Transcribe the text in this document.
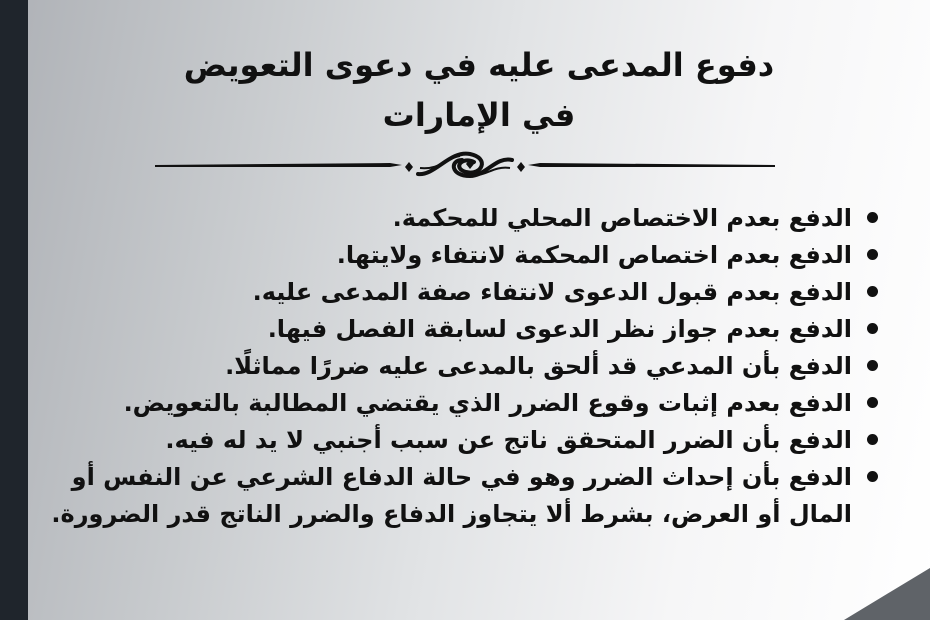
دفوع المدعى عليه في دعوى التعويض
في الإمارات
الدفع بعدم الاختصاص المحلي للمحكمة.
الدفع بعدم اختصاص المحكمة لانتفاء ولايتها.
الدفع بعدم قبول الدعوى لانتفاء صفة المدعى عليه.
الدفع بعدم جواز نظر الدعوى لسابقة الفصل فيها.
الدفع بأن المدعي قد ألحق بالمدعى عليه ضررًا مماثلًا.
الدفع بعدم إثبات وقوع الضرر الذي يقتضي المطالبة بالتعويض.
الدفع بأن الضرر المتحقق ناتج عن سبب أجنبي لا يد له فيه.
الدفع بأن إحداث الضرر وهو في حالة الدفاع الشرعي عن النفس أو المال أو العرض، بشرط ألا يتجاوز الدفاع والضرر الناتج قدر الضرورة.
